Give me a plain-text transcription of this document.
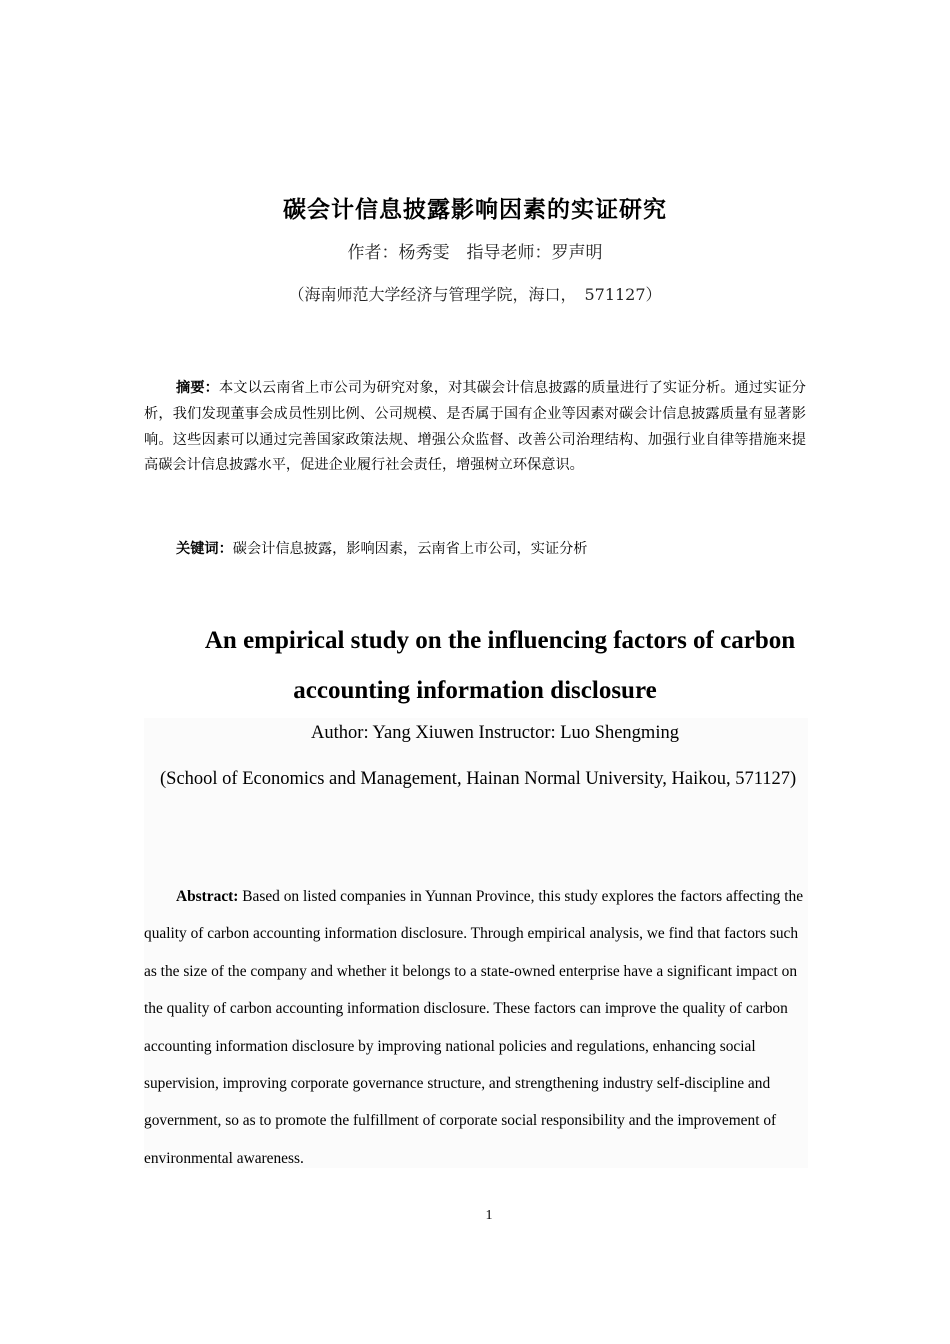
碳会计信息披露影响因素的实证研究
作者：杨秀雯　指导老师：罗声明
（海南师范大学经济与管理学院，海口，　571127）

摘要：本文以云南省上市公司为研究对象，对其碳会计信息披露的质量进行了实证分析。通过实证分析，我们发现董事会成员性别比例、公司规模、是否属于国有企业等因素对碳会计信息披露质量有显著影响。这些因素可以通过完善国家政策法规、增强公众监督、改善公司治理结构、加强行业自律等措施来提高碳会计信息披露水平，促进企业履行社会责任，增强树立环保意识。

关键词：碳会计信息披露，影响因素，云南省上市公司，实证分析

An empirical study on the influencing factors of carbon
accounting information disclosure
Author: Yang Xiuwen Instructor: Luo Shengming

(School of Economics and Management, Hainan Normal University, Haikou, 571127)

Abstract: Based on listed companies in Yunnan Province, this study explores the factors affecting the quality of carbon accounting information disclosure. Through empirical analysis, we find that factors such as the size of the company and whether it belongs to a state-owned enterprise have a significant impact on the quality of carbon accounting information disclosure. These factors can improve the quality of carbon accounting information disclosure by improving national policies and regulations, enhancing social supervision, improving corporate governance structure, and strengthening industry self-discipline and government, so as to promote the fulfillment of corporate social responsibility and the improvement of environmental awareness.

1
